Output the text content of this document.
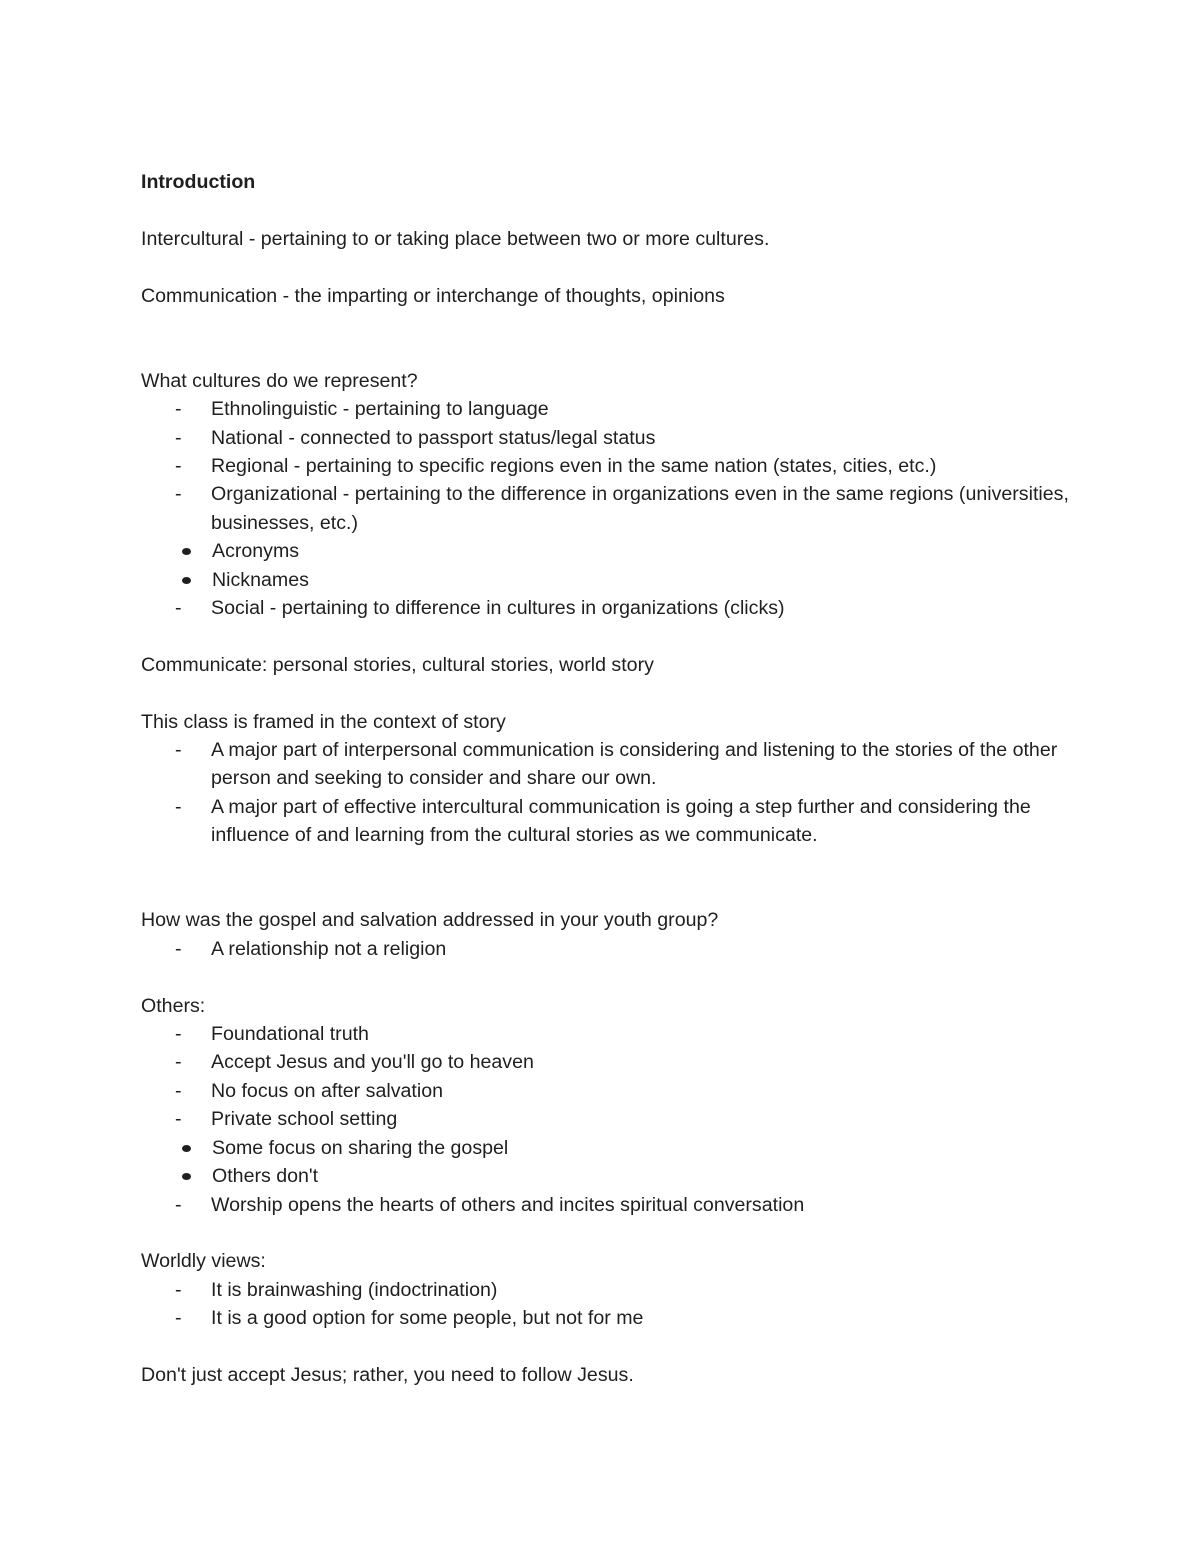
Introduction

Intercultural - pertaining to or taking place between two or more cultures.

Communication - the imparting or interchange of thoughts, opinions

What cultures do we represent?

- Ethnolinguistic - pertaining to language
- National - connected to passport status/legal status
- Regional - pertaining to specific regions even in the same nation (states, cities, etc.)
- Organizational - pertaining to the difference in organizations even in the same regions (universities, businesses, etc.)
Acronyms
Nicknames
- Social - pertaining to difference in cultures in organizations (clicks)

Communicate: personal stories, cultural stories, world story

This class is framed in the context of story

- A major part of interpersonal communication is considering and listening to the stories of the other person and seeking to consider and share our own.
- A major part of effective intercultural communication is going a step further and considering the influence of and learning from the cultural stories as we communicate.

How was the gospel and salvation addressed in your youth group?

- A relationship not a religion

Others:

- Foundational truth
- Accept Jesus and you'll go to heaven
- No focus on after salvation
- Private school setting
Some focus on sharing the gospel
Others don't
- Worship opens the hearts of others and incites spiritual conversation

Worldly views:

- It is brainwashing (indoctrination)
- It is a good option for some people, but not for me

Don't just accept Jesus; rather, you need to follow Jesus.
